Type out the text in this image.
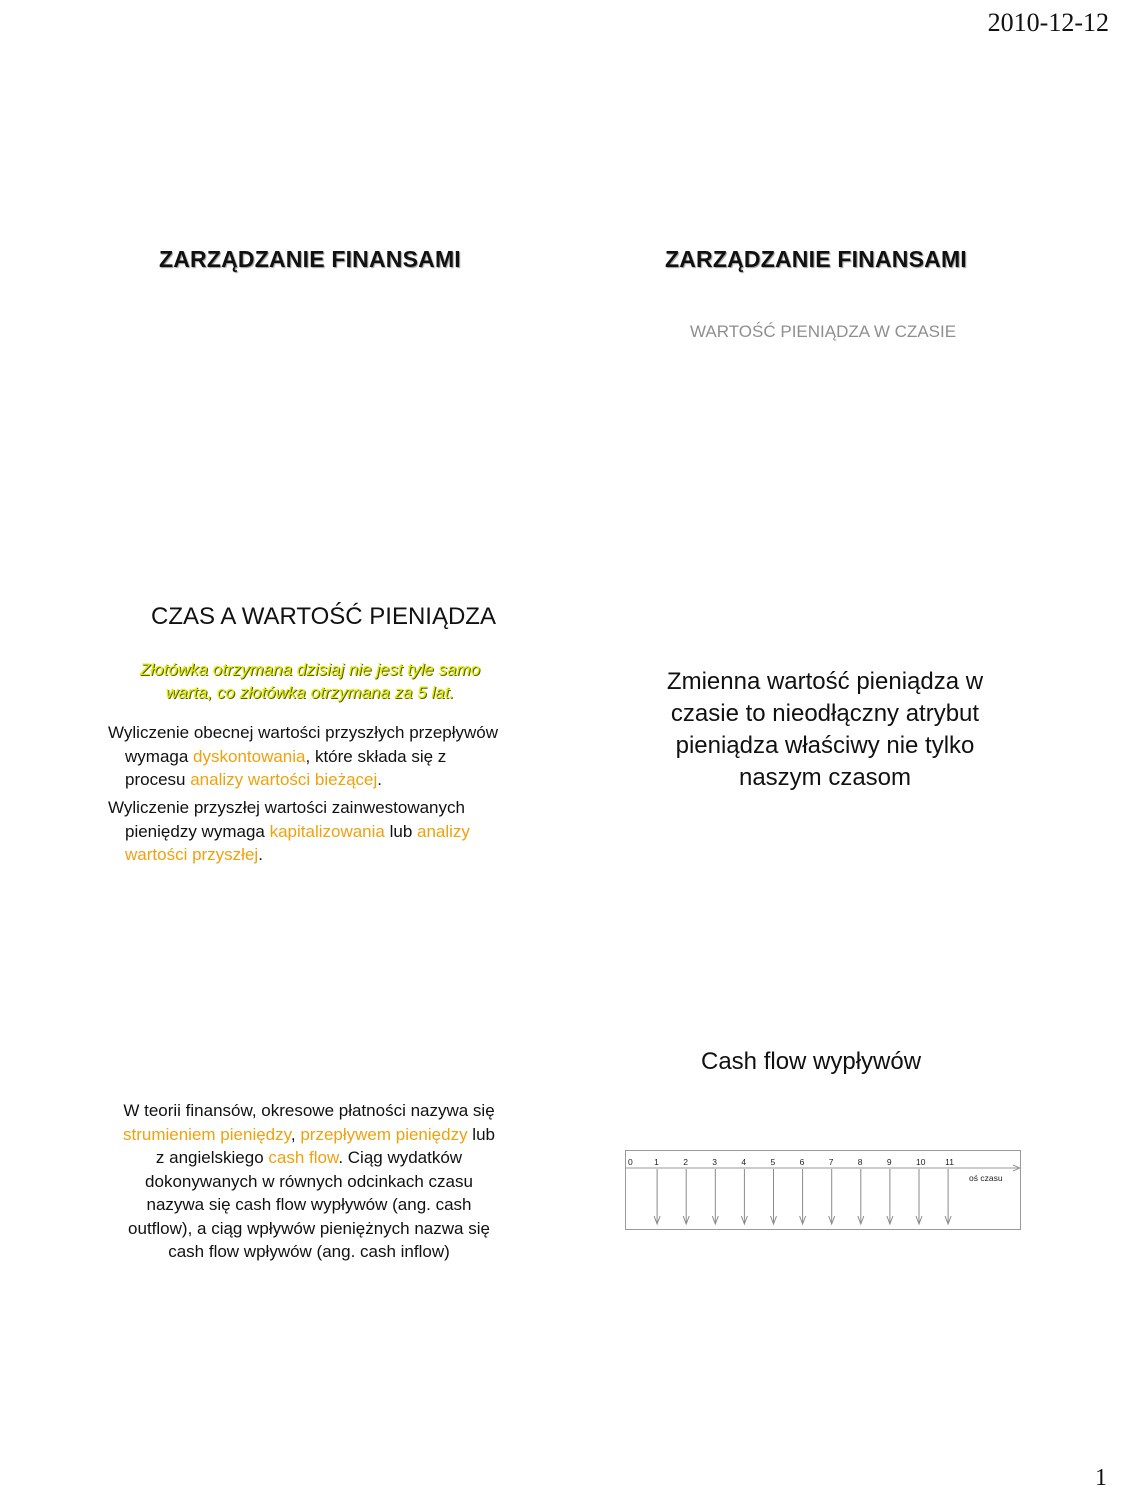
2010-12-12
ZARZĄDZANIE FINANSAMI	ZARZĄDZANIE FINANSAMI
WARTOŚĆ PIENIĄDZA W CZASIE
CZAS A WARTOŚĆ PIENIĄDZA
Złotówka otrzymana dzisiaj nie jest tyle samo
warta, co złotówka otrzymana za 5 lat.
Wyliczenie obecnej wartości przyszłych przepływów wymaga dyskontowania, które składa się z procesu analizy wartości bieżącej.
Wyliczenie przyszłej wartości zainwestowanych pieniędzy wymaga kapitalizowania lub analizy wartości przyszłej.
Zmienna wartość pieniądza w
czasie to nieodłączny atrybut
pieniądza właściwy nie tylko
naszym czasom
W teorii finansów, okresowe płatności nazywa się strumieniem pieniędzy, przepływem pieniędzy lub z angielskiego cash flow. Ciąg wydatków dokonywanych w równych odcinkach czasu nazywa się cash flow wypływów (ang. cash outflow), a ciąg wpływów pieniężnych nazwa się cash flow wpływów (ang. cash inflow)
Cash flow wypływów
oś czasu
0	1	2	3	4	5	6	7	8	9	10 11
1
